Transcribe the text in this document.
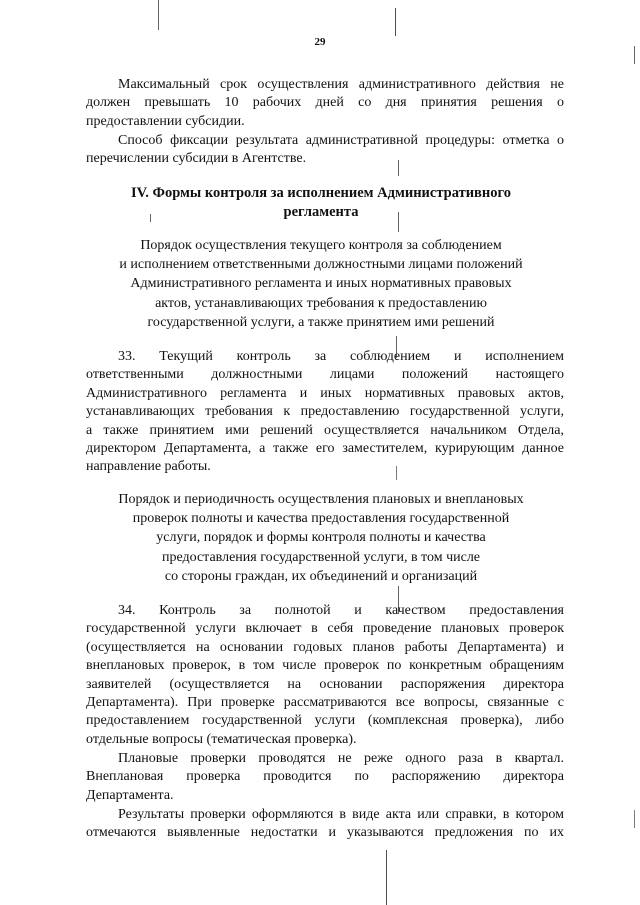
29
Максимальный срок осуществления административного действия не
должен превышать 10 рабочих дней со дня принятия решения о
предоставлении субсидии.
Способ фиксации результата административной процедуры: отметка о
перечислении субсидии в Агентстве.
IV. Формы контроля за исполнением Административного
регламента
Порядок осуществления текущего контроля за соблюдением
и исполнением ответственными должностными лицами положений
Административного регламента и иных нормативных правовых
актов, устанавливающих требования к предоставлению
государственной услуги, а также принятием ими решений
33. Текущий контроль за соблюдением и исполнением
ответственными должностными лицами положений настоящего
Административного регламента и иных нормативных правовых актов,
устанавливающих требования к предоставлению государственной услуги,
а также принятием ими решений осуществляется начальником Отдела,
директором Департамента, а также его заместителем, курирующим данное
направление работы.
Порядок и периодичность осуществления плановых и внеплановых
проверок полноты и качества предоставления государственной
услуги, порядок и формы контроля полноты и качества
предоставления государственной услуги, в том числе
со стороны граждан, их объединений и организаций
34. Контроль за полнотой и качеством предоставления
государственной услуги включает в себя проведение плановых проверок
(осуществляется на основании годовых планов работы Департамента) и
внеплановых проверок, в том числе проверок по конкретным обращениям
заявителей (осуществляется на основании распоряжения директора
Департамента). При проверке рассматриваются все вопросы, связанные с
предоставлением государственной услуги (комплексная проверка), либо
отдельные вопросы (тематическая проверка).
Плановые проверки проводятся не реже одного раза в квартал.
Внеплановая проверка проводится по распоряжению директора
Департамента.
Результаты проверки оформляются в виде акта или справки, в котором
отмечаются выявленные недостатки и указываются предложения по их
